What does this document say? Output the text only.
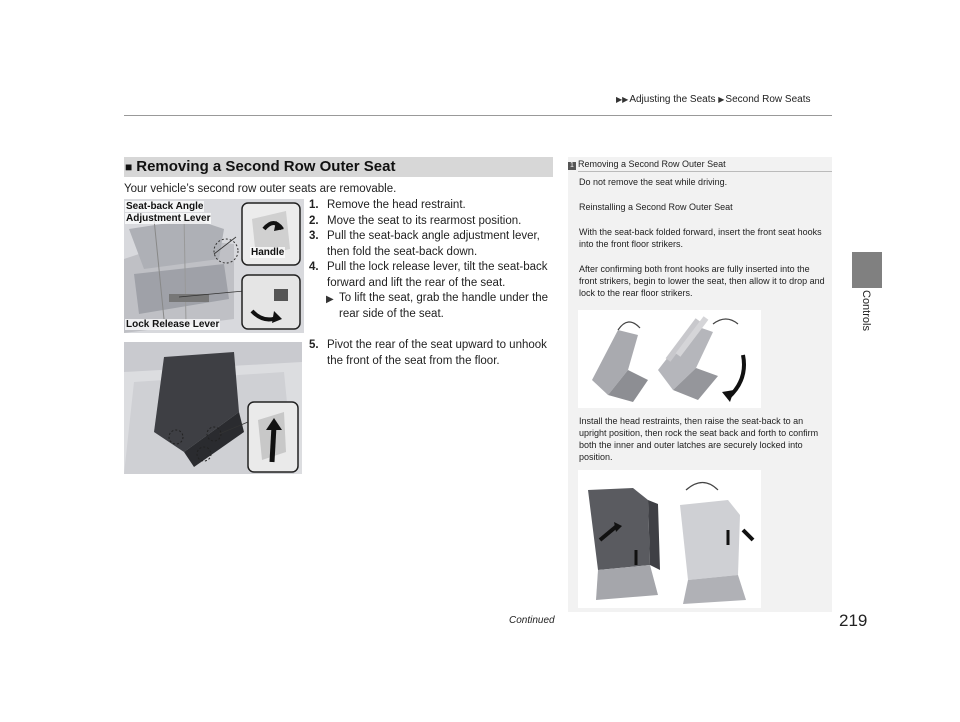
▶▶Adjusting the Seats ▶Second Row Seats
Controls
■ Removing a Second Row Outer Seat
Your vehicle’s second row outer seats are removable.
Seat-back Angle
Adjustment Lever
Handle
Lock Release Lever
1. Remove the head restraint.
2. Move the seat to its rearmost position.
3. Pull the seat-back angle adjustment lever, then fold the seat-back down.
4. Pull the lock release lever, tilt the seat-back forward and lift the rear of the seat.
▶ To lift the seat, grab the handle under the rear side of the seat.
5. Pivot the rear of the seat upward to unhook the front of the seat from the floor.
1 Removing a Second Row Outer Seat
Do not remove the seat while driving.
Reinstalling a Second Row Outer Seat
With the seat-back folded forward, insert the front seat hooks into the front floor strikers.
After confirming both front hooks are fully inserted into the front strikers, begin to lower the seat, then allow it to drop and lock to the rear floor strikers.
Install the head restraints, then raise the seat-back to an upright position, then rock the seat back and forth to confirm both the inner and outer latches are securely locked into position.
Continued	219
